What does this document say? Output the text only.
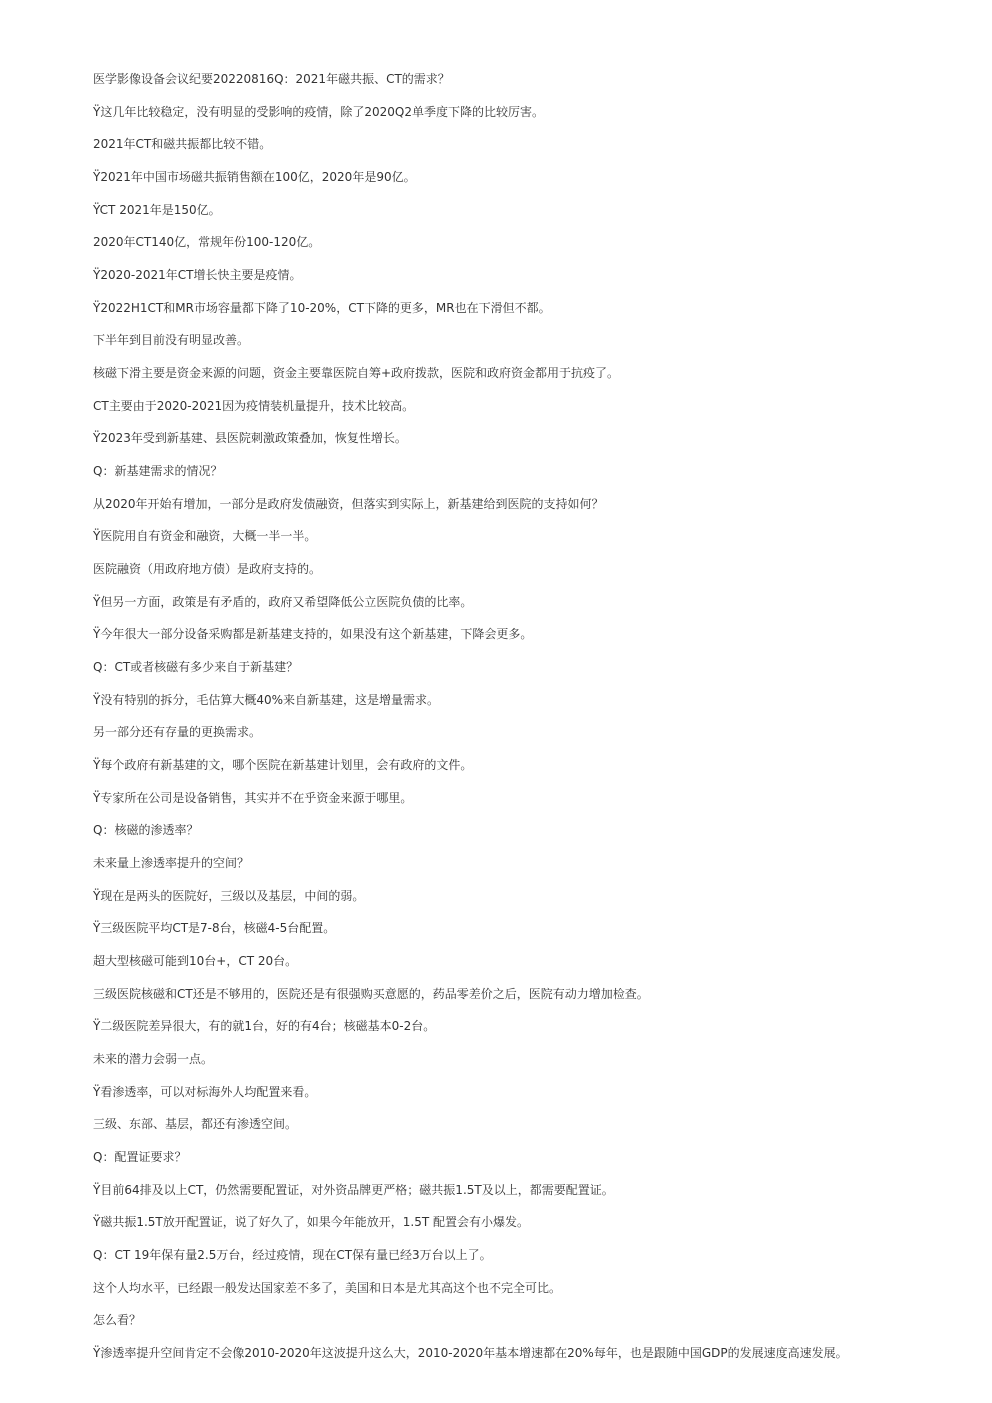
医学影像设备会议纪要20220816Q：2021年磁共振、CT的需求？

Ÿ这几年比较稳定，没有明显的受影响的疫情，除了2020Q2单季度下降的比较厉害。

2021年CT和磁共振都比较不错。

Ÿ2021年中国市场磁共振销售额在100亿，2020年是90亿。

ŸCT 2021年是150亿。

2020年CT140亿，常规年份100-120亿。

Ÿ2020-2021年CT增长快主要是疫情。

Ÿ2022H1CT和MR市场容量都下降了10-20%，CT下降的更多，MR也在下滑但不都。

下半年到目前没有明显改善。

核磁下滑主要是资金来源的问题，资金主要靠医院自筹+政府拨款，医院和政府资金都用于抗疫了。

CT主要由于2020-2021因为疫情装机量提升，技术比较高。

Ÿ2023年受到新基建、县医院刺激政策叠加，恢复性增长。

Q：新基建需求的情况？

从2020年开始有增加，一部分是政府发债融资，但落实到实际上，新基建给到医院的支持如何？

Ÿ医院用自有资金和融资，大概一半一半。

医院融资（用政府地方债）是政府支持的。

Ÿ但另一方面，政策是有矛盾的，政府又希望降低公立医院负债的比率。

Ÿ今年很大一部分设备采购都是新基建支持的，如果没有这个新基建，下降会更多。

Q：CT或者核磁有多少来自于新基建？

Ÿ没有特别的拆分，毛估算大概40%来自新基建，这是增量需求。

另一部分还有存量的更换需求。

Ÿ每个政府有新基建的文，哪个医院在新基建计划里，会有政府的文件。

Ÿ专家所在公司是设备销售，其实并不在乎资金来源于哪里。

Q：核磁的渗透率？

未来量上渗透率提升的空间？

Ÿ现在是两头的医院好，三级以及基层，中间的弱。

Ÿ三级医院平均CT是7-8台，核磁4-5台配置。

超大型核磁可能到10台+，CT 20台。

三级医院核磁和CT还是不够用的，医院还是有很强购买意愿的，药品零差价之后，医院有动力增加检查。

Ÿ二级医院差异很大，有的就1台，好的有4台；核磁基本0-2台。

未来的潜力会弱一点。

Ÿ看渗透率，可以对标海外人均配置来看。

三级、东部、基层，都还有渗透空间。

Q：配置证要求？

Ÿ目前64排及以上CT，仍然需要配置证，对外资品牌更严格；磁共振1.5T及以上，都需要配置证。

Ÿ磁共振1.5T放开配置证，说了好久了，如果今年能放开，1.5T 配置会有小爆发。

Q：CT 19年保有量2.5万台，经过疫情，现在CT保有量已经3万台以上了。

这个人均水平，已经跟一般发达国家差不多了，美国和日本是尤其高这个也不完全可比。

怎么看？

Ÿ渗透率提升空间肯定不会像2010-2020年这波提升这么大，2010-2020年基本增速都在20%每年，也是跟随中国GDP的发展速度高速发展。
